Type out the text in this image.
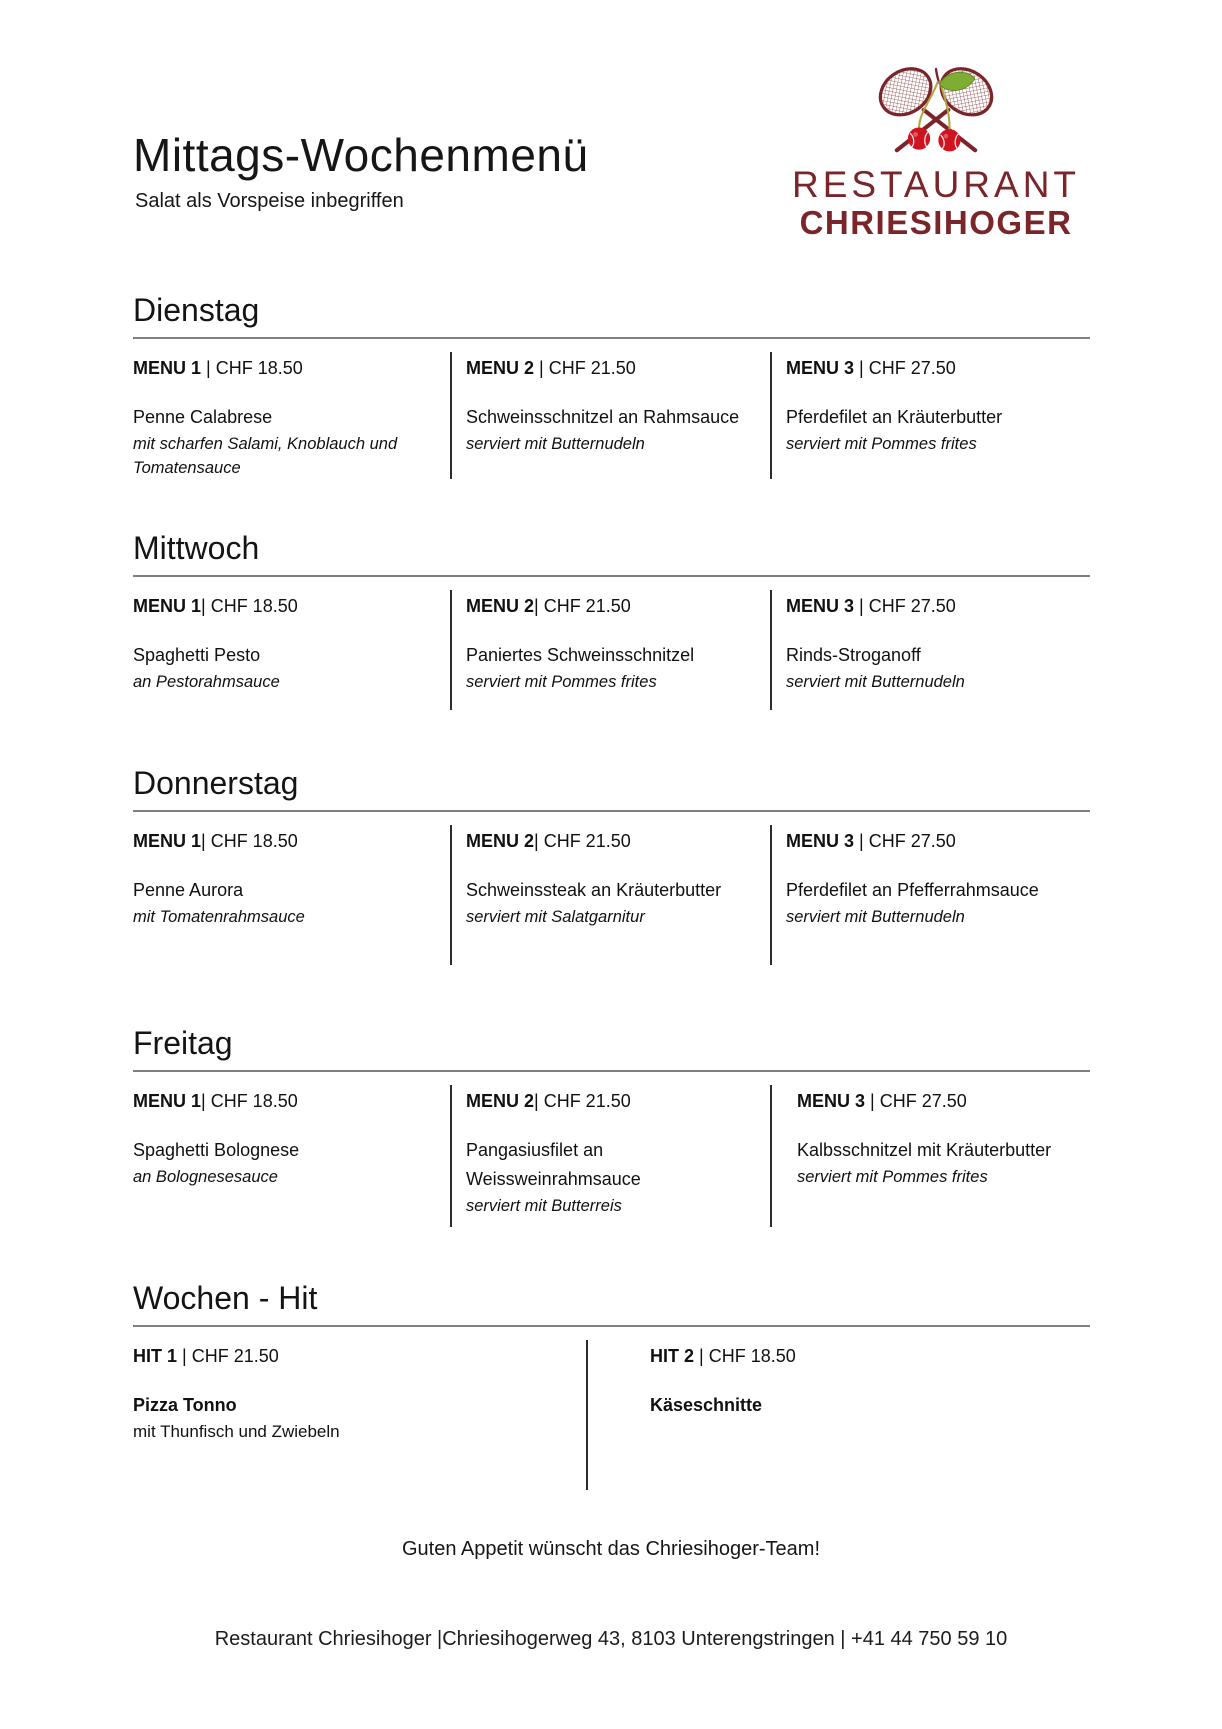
Mittags-Wochenmenü

Salat als Vorspeise inbegriffen	RESTAURANT
CHRIESIHOGER
Dienstag
MENU 1 | CHF 18.50
Penne Calabrese
mit scharfen Salami, Knoblauch und Tomatensauce
MENU 2 | CHF 21.50
Schweinsschnitzel an Rahmsauce
serviert mit Butternudeln
MENU 3 | CHF 27.50
Pferdefilet an Kräuterbutter
serviert mit Pommes frites
Mittwoch
MENU 1| CHF 18.50
Spaghetti Pesto
an Pestorahmsauce
MENU 2| CHF 21.50
Paniertes Schweinsschnitzel
serviert mit Pommes frites
MENU 3 | CHF 27.50
Rinds-Stroganoff
serviert mit Butternudeln
Donnerstag
MENU 1| CHF 18.50
Penne Aurora
mit Tomatenrahmsauce
MENU 2| CHF 21.50
Schweinssteak an Kräuterbutter
serviert mit Salatgarnitur
MENU 3 | CHF 27.50
Pferdefilet an Pfefferrahmsauce
serviert mit Butternudeln
Freitag
MENU 1| CHF 18.50
Spaghetti Bolognese
an Bolognesesauce
MENU 2| CHF 21.50
Pangasiusfilet an Weissweinrahmsauce
serviert mit Butterreis
MENU 3 | CHF 27.50
Kalbsschnitzel mit Kräuterbutter
serviert mit Pommes frites
Wochen - Hit
HIT 1 | CHF 21.50
Pizza Tonno
mit Thunfisch und Zwiebeln
HIT 2 | CHF 18.50
Käseschnitte
Guten Appetit wünscht das Chriesihoger-Team!
Restaurant Chriesihoger |Chriesihogerweg 43, 8103 Unterengstringen | +41 44 750 59 10
